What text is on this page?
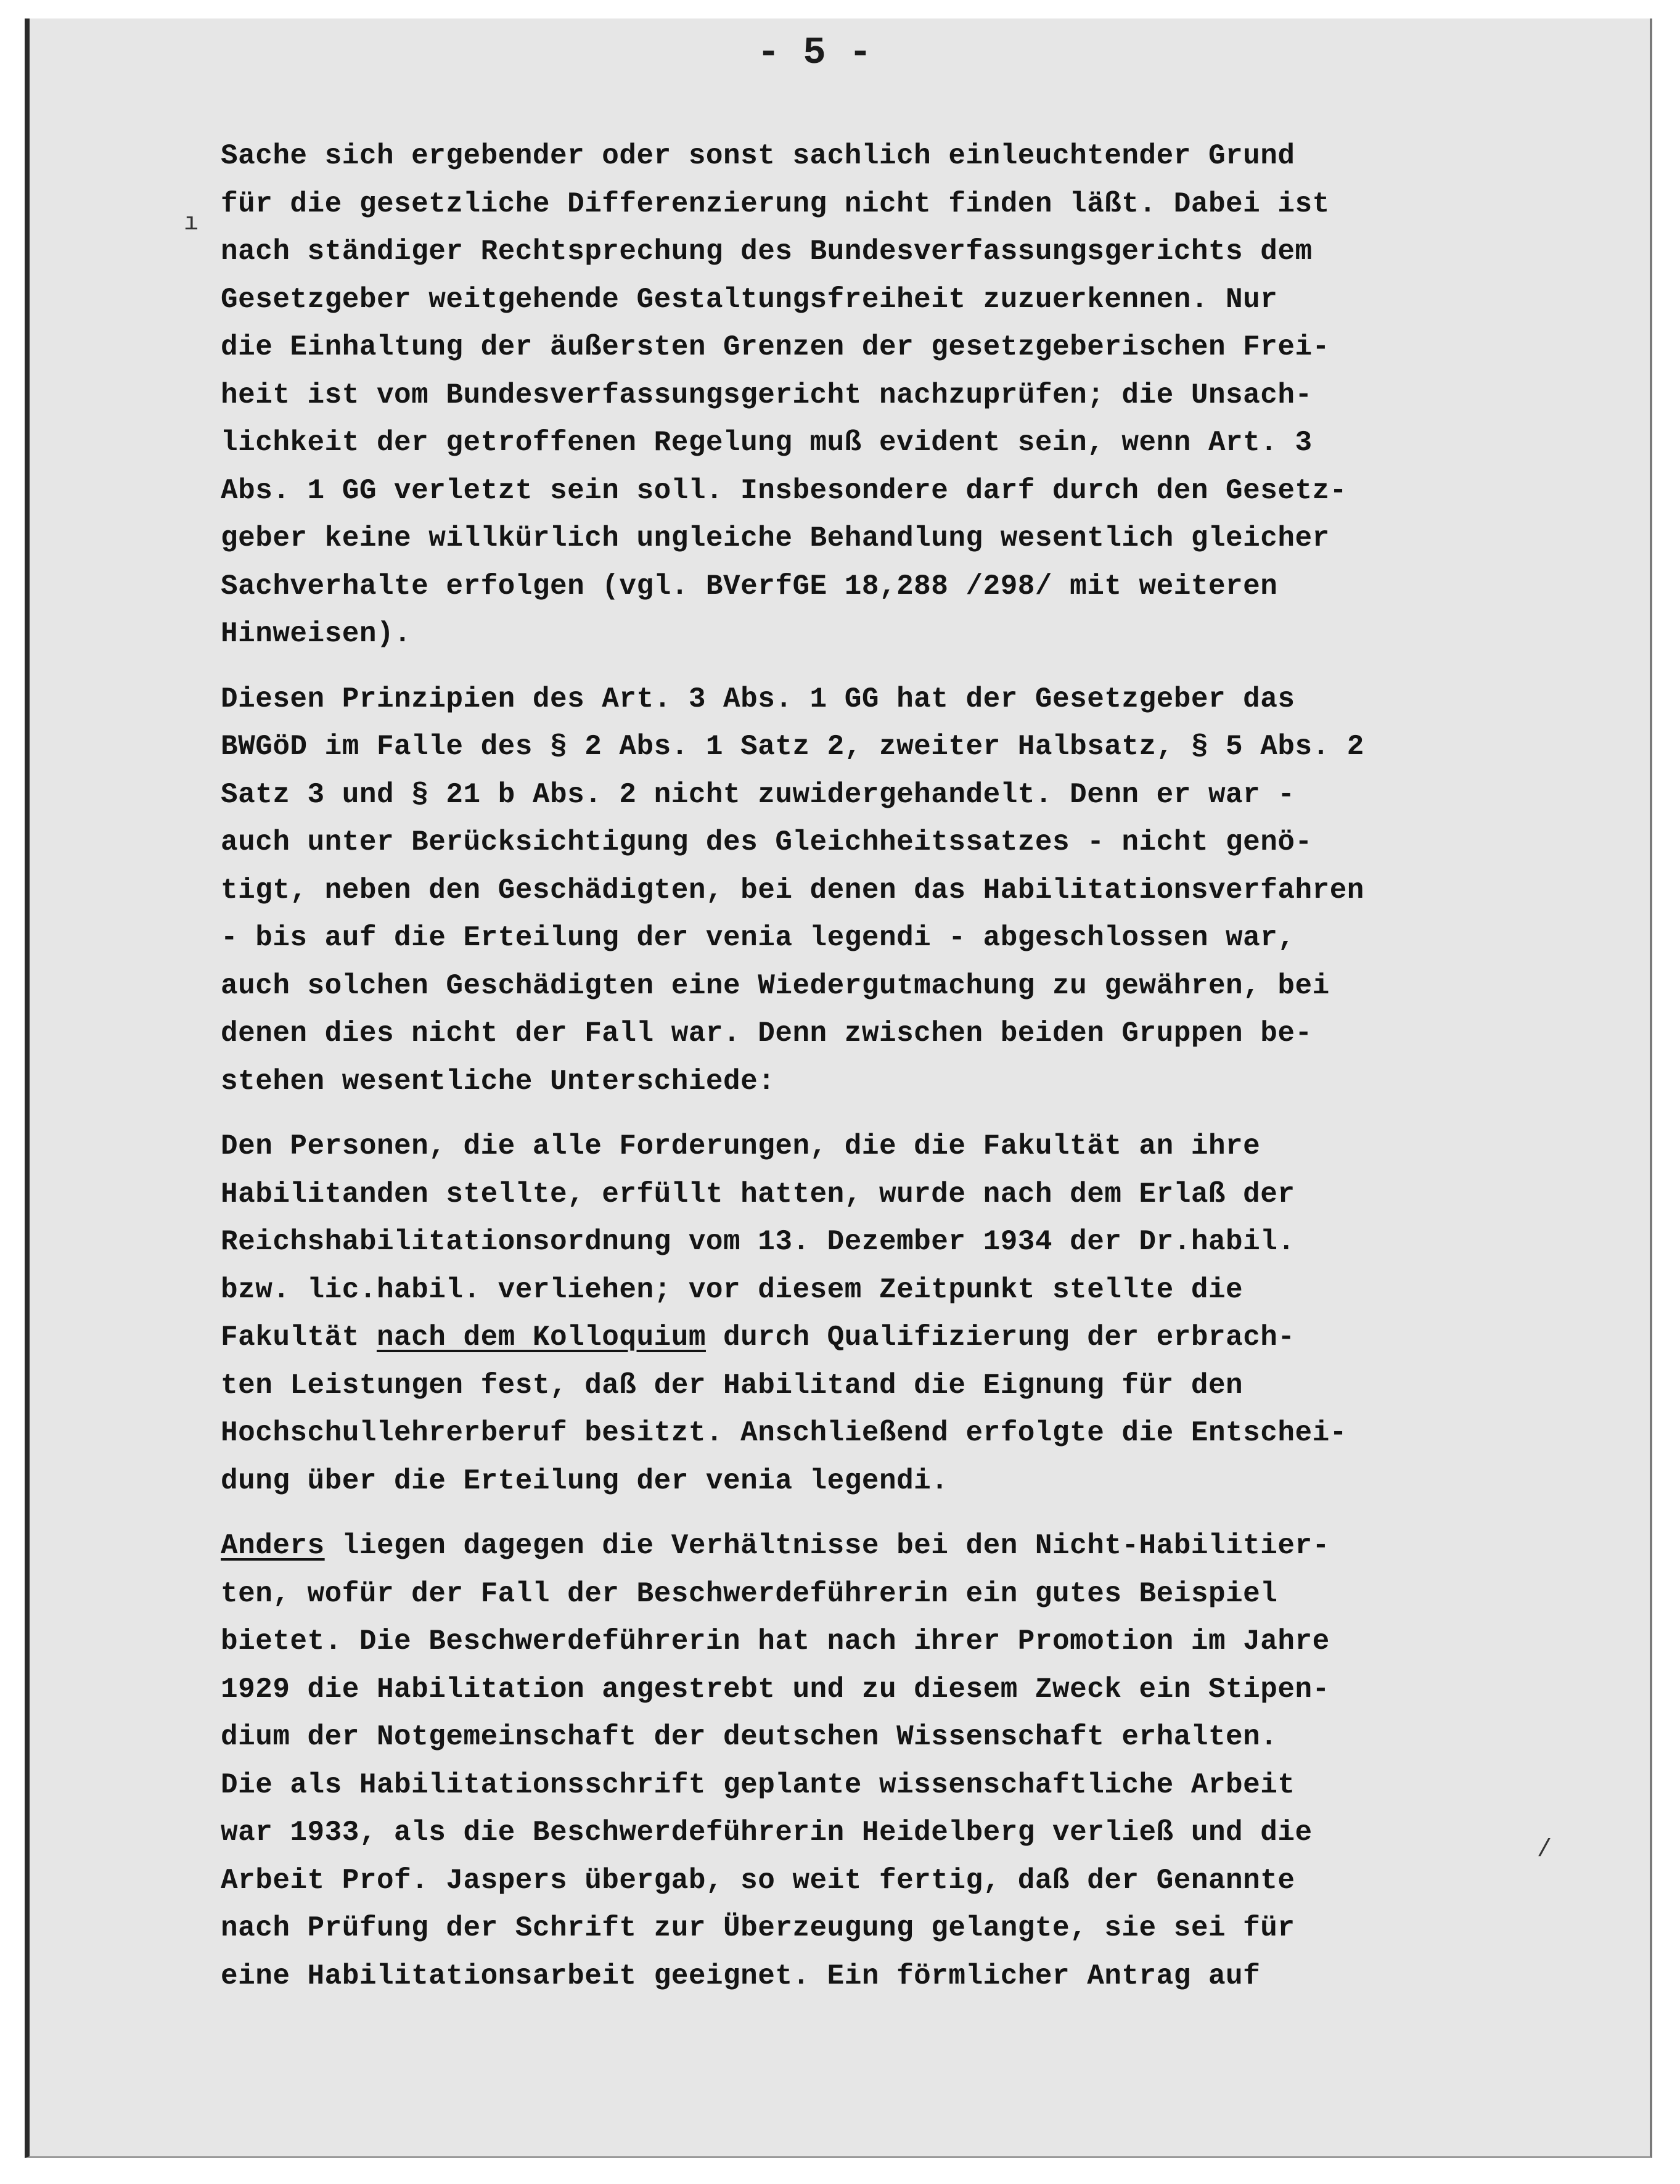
- 5 -

ı
/
Sache sich ergebender oder sonst sachlich einleuchtender Grund
für die gesetzliche Differenzierung nicht finden läßt. Dabei ist
nach ständiger Rechtsprechung des Bundesverfassungsgerichts dem
Gesetzgeber weitgehende Gestaltungsfreiheit zuzuerkennen. Nur
die Einhaltung der äußersten Grenzen der gesetzgeberischen Frei-
heit ist vom Bundesverfassungsgericht nachzuprüfen; die Unsach-
lichkeit der getroffenen Regelung muß evident sein, wenn Art. 3
Abs. 1 GG verletzt sein soll. Insbesondere darf durch den Gesetz-
geber keine willkürlich ungleiche Behandlung wesentlich gleicher
Sachverhalte erfolgen (vgl. BVerfGE 18,288 /298/ mit weiteren
Hinweisen).
Diesen Prinzipien des Art. 3 Abs. 1 GG hat der Gesetzgeber das
BWGöD im Falle des § 2 Abs. 1 Satz 2, zweiter Halbsatz, § 5 Abs. 2
Satz 3 und § 21 b Abs. 2 nicht zuwidergehandelt. Denn er war -
auch unter Berücksichtigung des Gleichheitssatzes - nicht genö-
tigt, neben den Geschädigten, bei denen das Habilitationsverfahren
- bis auf die Erteilung der venia legendi - abgeschlossen war,
auch solchen Geschädigten eine Wiedergutmachung zu gewähren, bei
denen dies nicht der Fall war. Denn zwischen beiden Gruppen be-
stehen wesentliche Unterschiede:
Den Personen, die alle Forderungen, die die Fakultät an ihre
Habilitanden stellte, erfüllt hatten, wurde nach dem Erlaß der
Reichshabilitationsordnung vom 13. Dezember 1934 der Dr.habil.
bzw. lic.habil. verliehen; vor diesem Zeitpunkt stellte die
Fakultät nach dem Kolloquium durch Qualifizierung der erbrach-
ten Leistungen fest, daß der Habilitand die Eignung für den
Hochschullehrerberuf besitzt. Anschließend erfolgte die Entschei-
dung über die Erteilung der venia legendi.
Anders liegen dagegen die Verhältnisse bei den Nicht-Habilitier-
ten, wofür der Fall der Beschwerdeführerin ein gutes Beispiel
bietet. Die Beschwerdeführerin hat nach ihrer Promotion im Jahre
1929 die Habilitation angestrebt und zu diesem Zweck ein Stipen-
dium der Notgemeinschaft der deutschen Wissenschaft erhalten.
Die als Habilitationsschrift geplante wissenschaftliche Arbeit
war 1933, als die Beschwerdeführerin Heidelberg verließ und die
Arbeit Prof. Jaspers übergab, so weit fertig, daß der Genannte
nach Prüfung der Schrift zur Überzeugung gelangte, sie sei für
eine Habilitationsarbeit geeignet. Ein förmlicher Antrag auf
